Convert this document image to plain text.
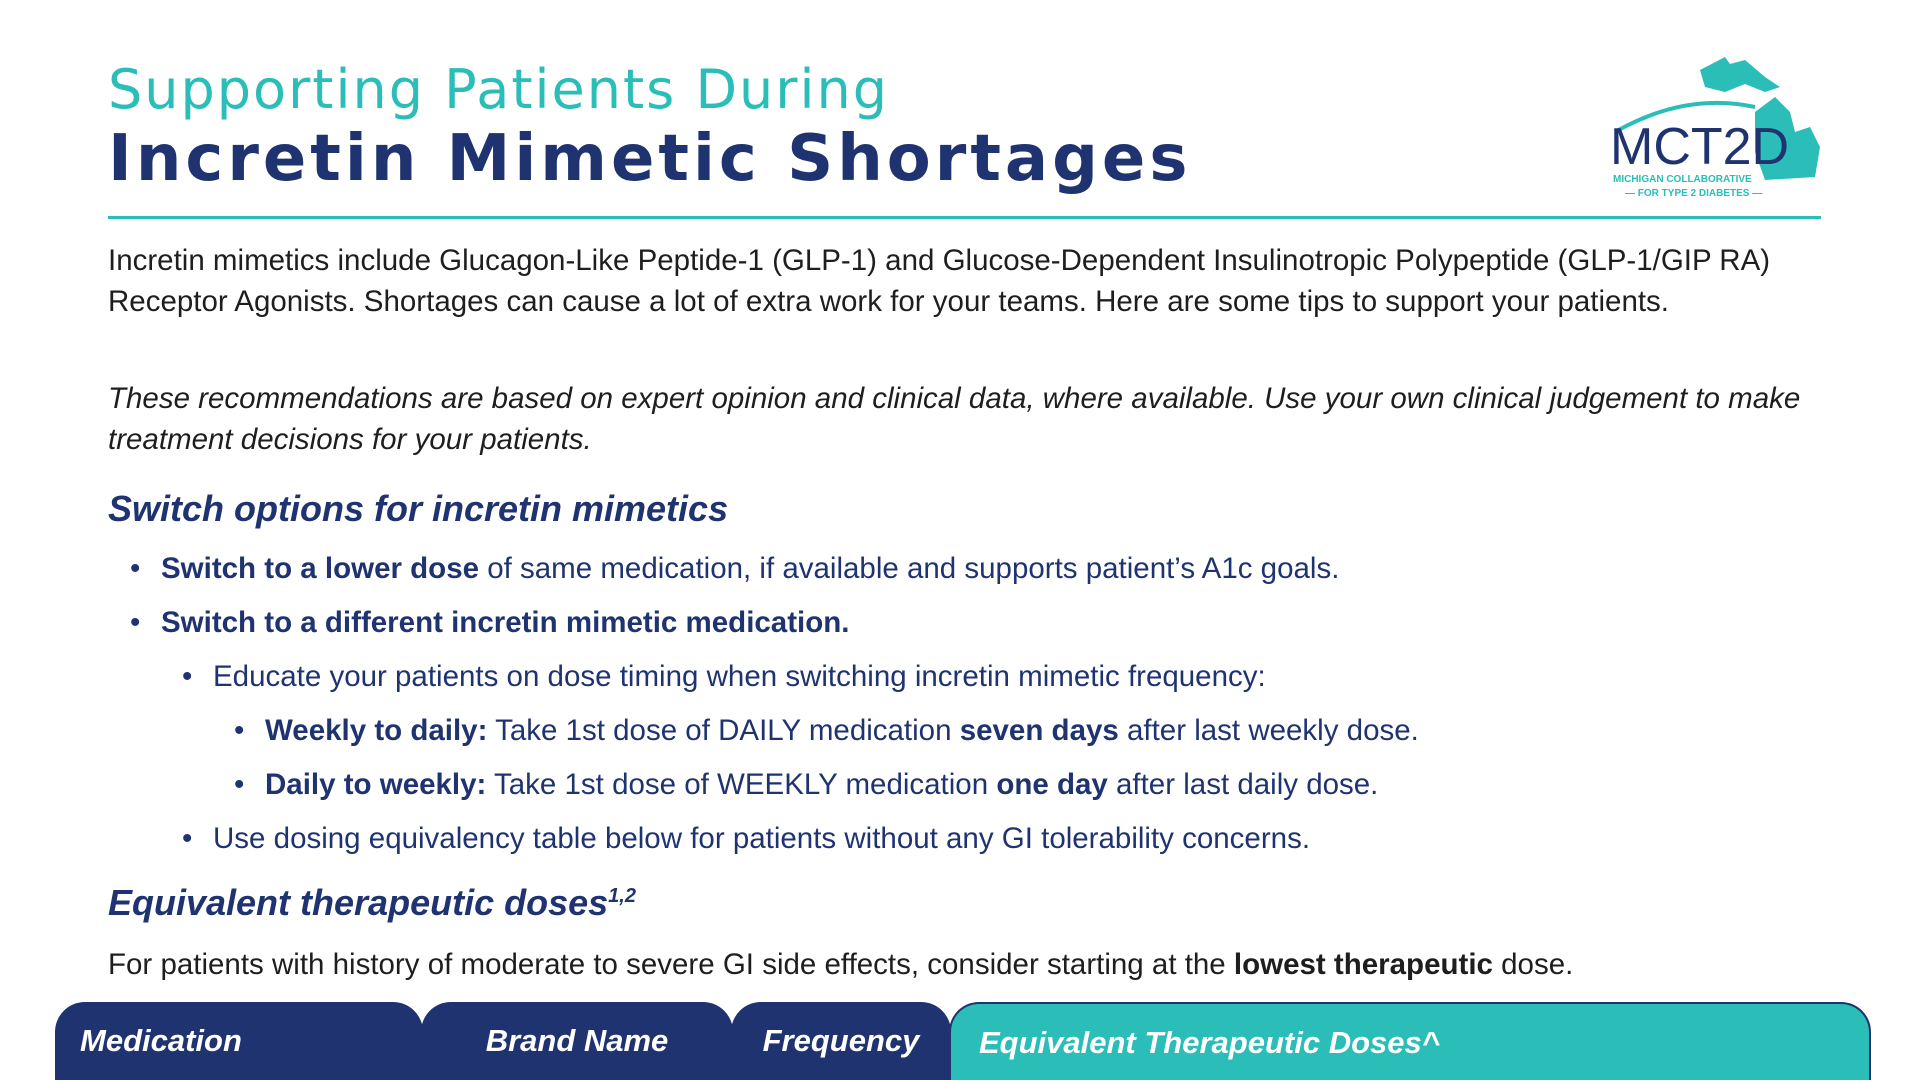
Supporting Patients During
Incretin Mimetic Shortages	MCT2D
MICHIGAN COLLABORATIVE
— FOR TYPE 2 DIABETES —
Incretin mimetics include Glucagon-Like Peptide-1 (GLP-1) and Glucose-Dependent Insulinotropic Polypeptide (GLP-1/GIP RA) Receptor Agonists. Shortages can cause a lot of extra work for your teams. Here are some tips to support your patients.
These recommendations are based on expert opinion and clinical data, where available. Use your own clinical judgement to make treatment decisions for your patients.
Switch options for incretin mimetics
• Switch to a lower dose of same medication, if available and supports patient’s A1c goals.
• Switch to a different incretin mimetic medication.
• Educate your patients on dose timing when switching incretin mimetic frequency:
• Weekly to daily: Take 1st dose of DAILY medication seven days after last weekly dose.
• Daily to weekly: Take 1st dose of WEEKLY medication one day after last daily dose.
• Use dosing equivalency table below for patients without any GI tolerability concerns.
Equivalent therapeutic doses$^{1,2}$
For patients with history of moderate to severe GI side effects, consider starting at the lowest therapeutic dose.
Medication	Brand Name	Frequency	Equivalent Therapeutic Doses^
